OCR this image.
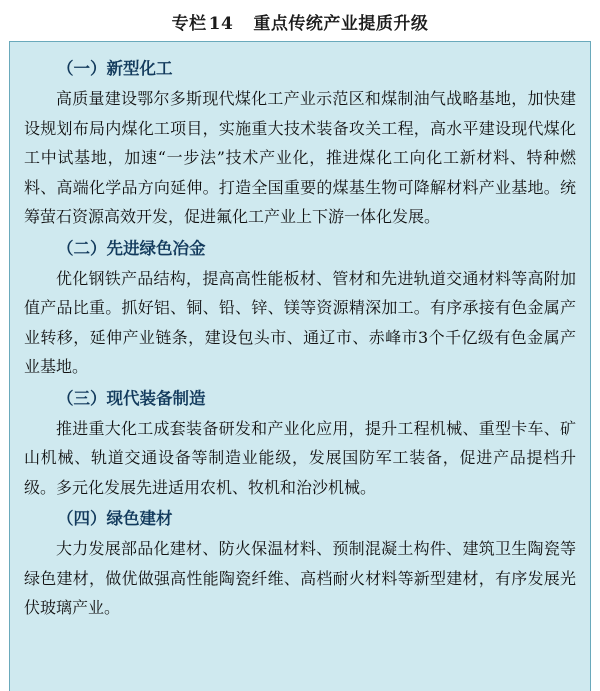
专栏 14 重点传统产业提质升级
（一）新型化工

高质量建设鄂尔多斯现代煤化工产业示范区和煤制油气战略基地，加快建设规划布局内煤化工项目，实施重大技术装备攻关工程，高水平建设现代煤化工中试基地，加速“一步法”技术产业化，推进煤化工向化工新材料、特种燃料、高端化学品方向延伸。打造全国重要的煤基生物可降解材料产业基地。统筹萤石资源高效开发，促进氟化工产业上下游一体化发展。

（二）先进绿色冶金

优化钢铁产品结构，提高高性能板材、管材和先进轨道交通材料等高附加值产品比重。抓好铝、铜、铅、锌、镁等资源精深加工。有序承接有色金属产业转移，延伸产业链条，建设包头市、通辽市、赤峰市3个千亿级有色金属产业基地。

（三）现代装备制造

推进重大化工成套装备研发和产业化应用，提升工程机械、重型卡车、矿山机械、轨道交通设备等制造业能级，发展国防军工装备，促进产品提档升级。多元化发展先进适用农机、牧机和治沙机械。

（四）绿色建材

大力发展部品化建材、防火保温材料、预制混凝土构件、建筑卫生陶瓷等绿色建材，做优做强高性能陶瓷纤维、高档耐火材料等新型建材，有序发展光伏玻璃产业。
